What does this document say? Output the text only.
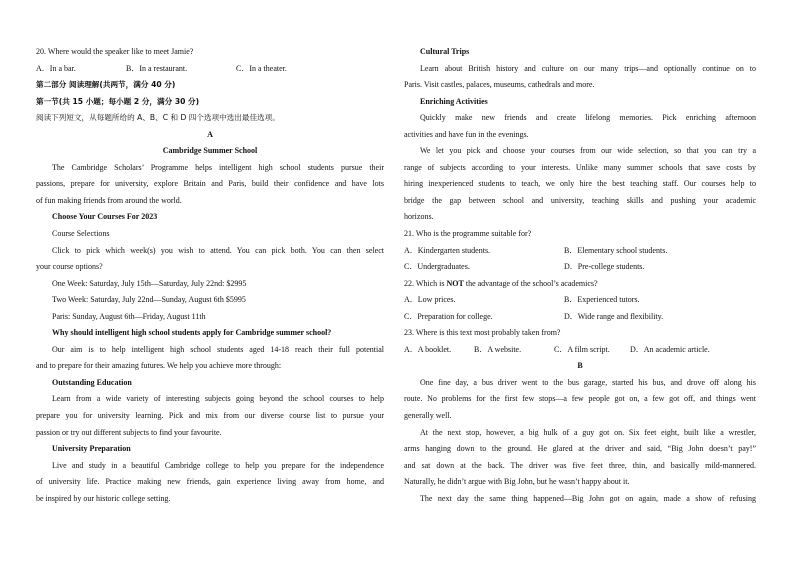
20. Where would the speaker like to meet Jamie?
A．In a bar.	B．In a restaurant.	C．In a theater.
第二部分 阅读理解(共两节，满分 40 分)
第一节(共 15 小题；每小题 2 分，满分 30 分)
阅读下列短文，从每题所给的 A、B、C 和 D 四个选项中选出最佳选项。
A
Cambridge Summer School
The Cambridge Scholars’ Programme helps intelligent high school students pursue their
passions, prepare for university, explore Britain and Paris, build their confidence and have lots
of fun making friends from around the world.
Choose Your Courses For 2023
Course Selections
Click to pick which week(s) you wish to attend. You can pick both. You can then select
your course options?
One Week: Saturday, July 15th—Saturday, July 22nd: $2995
Two Week: Saturday, July 22nd—Sunday, August 6th $5995
Paris: Sunday, August 6th—Friday, August 11th
Why should intelligent high school students apply for Cambridge summer school?
Our aim is to help intelligent high school students aged 14-18 reach their full potential
and to prepare for their amazing futures. We help you achieve more through:
Outstanding Education
Learn from a wide variety of interesting subjects going beyond the school courses to help
prepare you for university learning. Pick and mix from our diverse course list to pursue your
passion or try out different subjects to find your favourite.
University Preparation
Live and study in a beautiful Cambridge college to help you prepare for the independence
of university life. Practice making new friends, gain experience living away from home, and
be inspired by our historic college setting.
Cultural Trips
Learn about British history and culture on our many trips—and optionally continue on to
Paris. Visit castles, palaces, museums, cathedrals and more.
Enriching Activities
Quickly make new friends and create lifelong memories. Pick enriching afternoon
activities and have fun in the evenings.
We let you pick and choose your courses from our wide selection, so that you can try a
range of subjects according to your interests. Unlike many summer schools that save costs by
hiring inexperienced students to teach, we only hire the best teaching staff. Our courses help to
bridge the gap between school and university, teaching skills and pushing your academic
horizons.
21. Who is the programme suitable for?
A．Kindergarten students.	B．Elementary school students.
C．Undergraduates.	D．Pre-college students.
22. Which is NOT the advantage of the school’s academics?
A．Low prices.	B．Experienced tutors.
C．Preparation for college.	D．Wide range and flexibility.
23. Where is this text most probably taken from?
A．A booklet.	B．A website.	C．A film script.	D．An academic article.
B
One fine day, a bus driver went to the bus garage, started his bus, and drove off along his
route. No problems for the first few stops—a few people got on, a few got off, and things went
generally well.
At the next stop, however, a big hulk of a guy got on. Six feet eight, built like a wrestler,
arms hanging down to the ground. He glared at the driver and said, “Big John doesn’t pay!”
and sat down at the back. The driver was five feet three, thin, and basically mild-mannered.
Naturally, he didn’t argue with Big John, but he wasn’t happy about it.
The next day the same thing happened—Big John got on again, made a show of refusing
